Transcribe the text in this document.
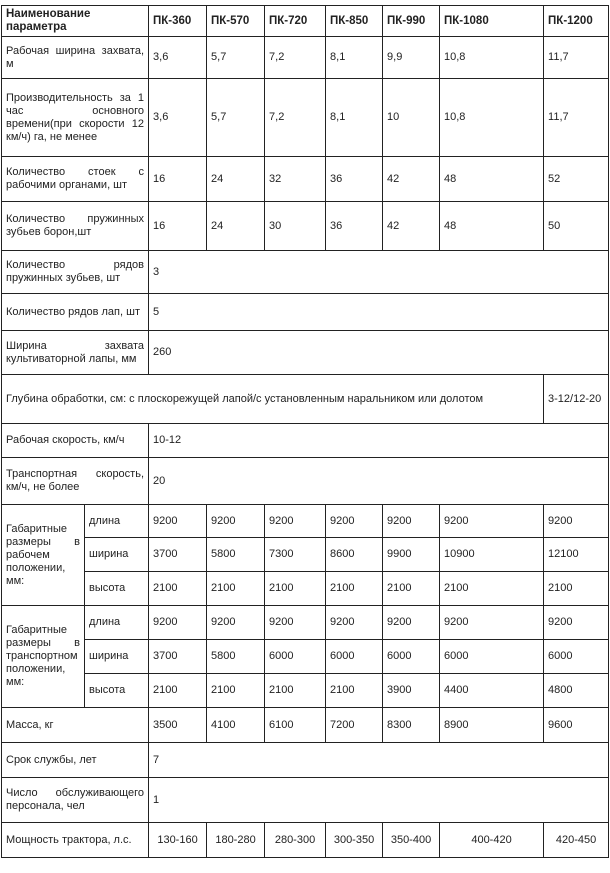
Наименование параметра		ПК-360	ПК-570	ПК-720	ПК-850	ПК-990	ПК-1080	ПК-1200
Рабочая ширина захвата, м		3,6	5,7	7,2	8,1	9,9	10,8	11,7
Производительность за 1 час основного времени(при скорости 12 км/ч) га, не менее		3,6	5,7	7,2	8,1	10	10,8	11,7
Количество стоек с рабочими органами, шт		16	24	32	36	42	48	52
Количество пружинных зубьев борон,шт		16	24	30	36	42	48	50
Количество рядов пружинных зубьев, шт		3						
Количество рядов лап, шт		5						
Ширина захвата культиваторной лапы, мм		260						
Глубина обработки, см: с плоскорежущей лапой/с установленным наральником или долотом								3-12/12-20
Рабочая скорость, км/ч		10-12						
Транспортная скорость, км/ч, не более		20						
Габаритные размеры в рабочем положении, мм:	длина	9200	9200	9200	9200	9200	9200	9200
	ширина	3700	5800	7300	8600	9900	10900	12100
	высота	2100	2100	2100	2100	2100	2100	2100
Габаритные размеры в транспортном положении, мм:	длина	9200	9200	9200	9200	9200	9200	9200
	ширина	3700	5800	6000	6000	6000	6000	6000
	высота	2100	2100	2100	2100	3900	4400	4800
Масса, кг		3500	4100	6100	7200	8300	8900	9600
Срок службы, лет		7						
Число обслуживающего персонала, чел		1						
Мощность трактора, л.с.		130-160	180-280	280-300	300-350	350-400	400-420	420-450
